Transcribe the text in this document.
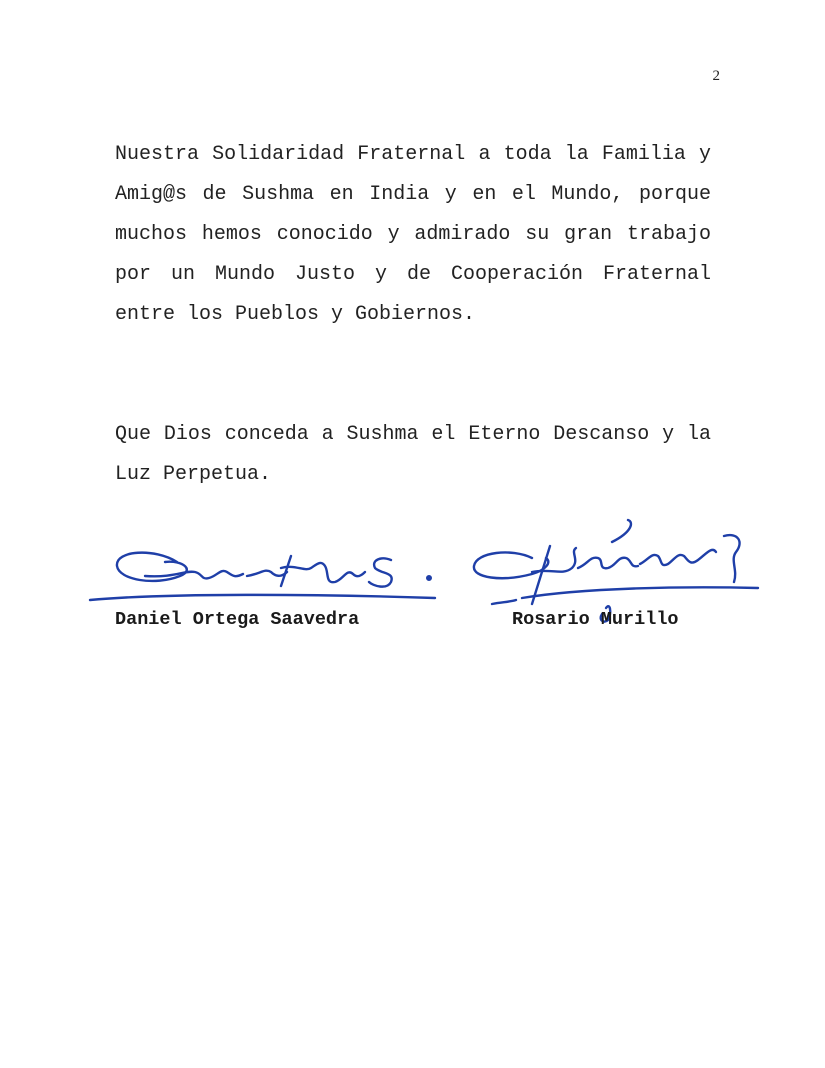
2

Nuestra Solidaridad Fraternal a toda la Familia y Amig@s de Sushma en India y en el Mundo, porque muchos hemos conocido y admirado su gran trabajo por un Mundo Justo y de Cooperación Fraternal entre los Pueblos y Gobiernos.

Que Dios conceda a Sushma el Eterno Descanso y la Luz Perpetua.

Daniel Ortega Saavedra	Rosario Murillo
